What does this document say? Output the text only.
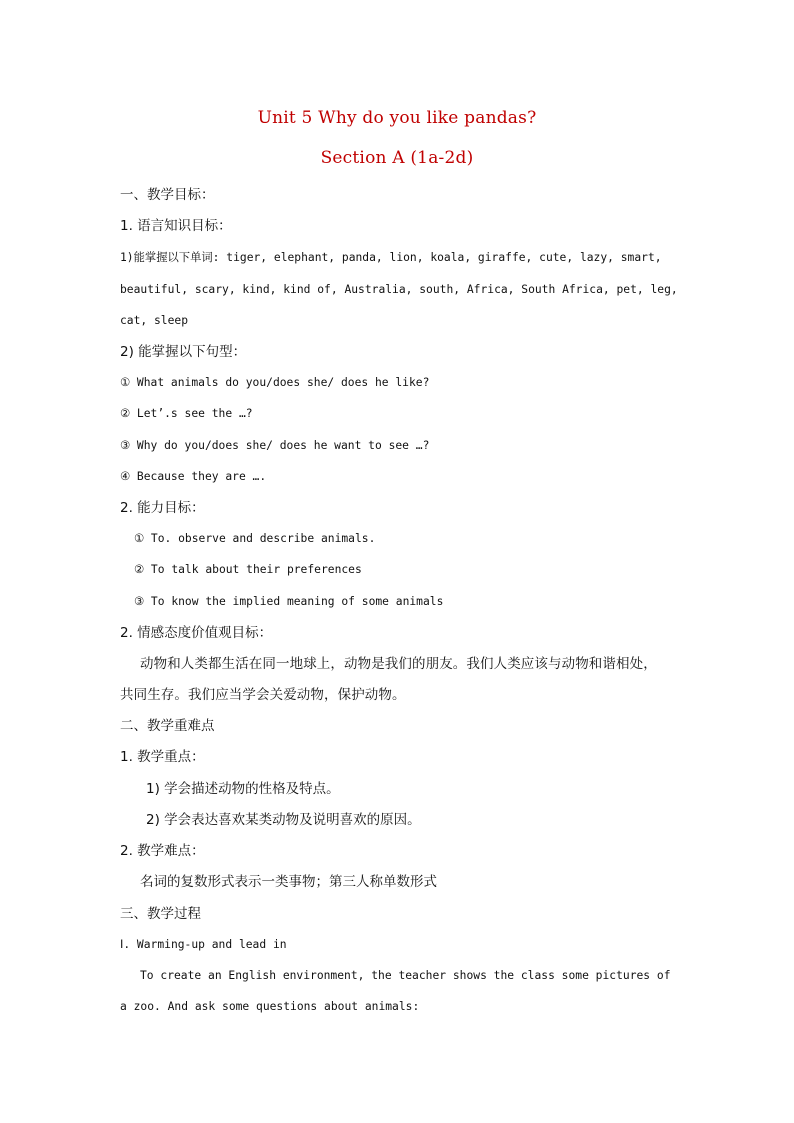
Unit 5 Why do you like pandas?
Section A (1a-2d)

一、教学目标：

1. 语言知识目标：

1)能掌握以下单词: tiger, elephant, panda, lion, koala, giraffe, cute, lazy, smart,

beautiful, scary, kind, kind of, Australia, south, Africa, South Africa, pet, leg,

cat, sleep

2) 能掌握以下句型：

① What animals do you/does she/ does he like?

② Let’.s see the …?

③ Why do you/does she/ does he want to see …?

④ Because they are ….

2. 能力目标：

① To. observe and describe animals.

② To talk about their preferences

③ To know the implied meaning of some animals

2. 情感态度价值观目标：

动物和人类都生活在同一地球上，动物是我们的朋友。我们人类应该与动物和谐相处，

共同生存。我们应当学会关爱动物，保护动物。

二、教学重难点

1. 教学重点：

1) 学会描述动物的性格及特点。

2) 学会表达喜欢某类动物及说明喜欢的原因。

2. 教学难点：

名词的复数形式表示一类事物；第三人称单数形式

三、教学过程

Ⅰ. Warming-up and lead in

To create an English environment, the teacher shows the class some pictures of

a zoo. And ask some questions about animals:
